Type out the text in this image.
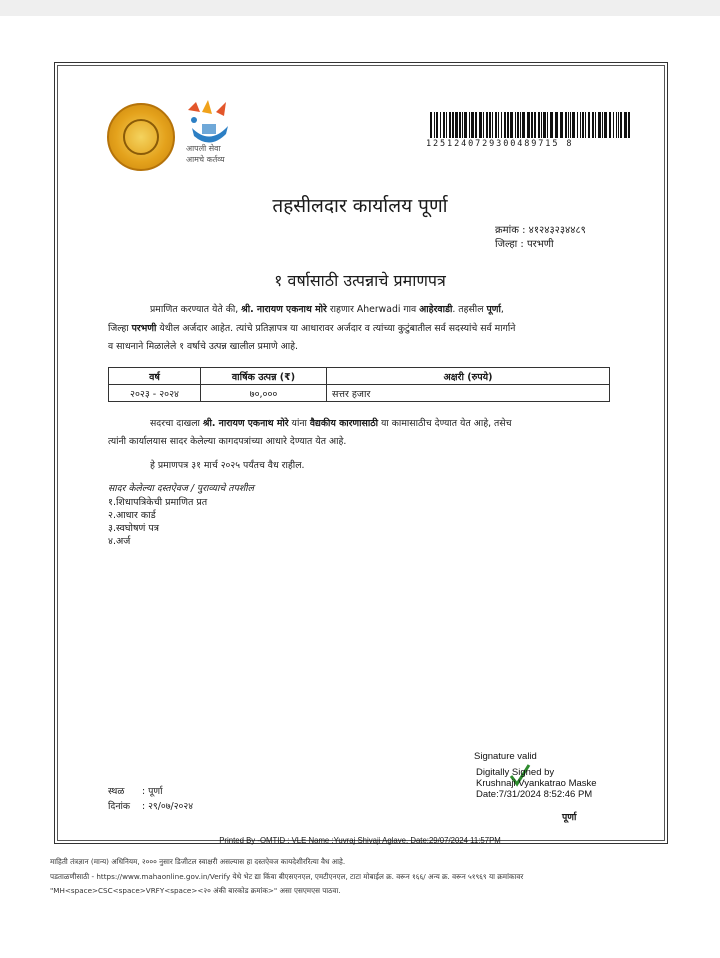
आपली सेवा
आमचे कर्तव्य
1251240729300489715 8
तहसीलदार कार्यालय पूर्णा
क्रमांक : ४१२४३२३४४८९
जिल्हा : परभणी
१ वर्षासाठी उत्पन्नाचे प्रमाणपत्र
प्रमाणित करण्यात येते की, श्री. नारायण एकनाथ मोरे राहणार Aherwadi गाव आहेरवाडी. तहसील पूर्णा,
जिल्हा परभणी येथील अर्जदार आहेत. त्यांचे प्रतिज्ञापत्र या आधारावर अर्जदार व त्यांच्या कुटुंबातील सर्व सदस्यांचे सर्व मार्गाने
व साधनाने मिळालेले १ वर्षाचे उत्पन्न खालील प्रमाणे आहे.
वर्ष	वार्षिक उत्पन्न (₹)	अक्षरी (रुपये)
२०२३ - २०२४	७०,०००	सत्तर हजार
सदरचा दाखला श्री. नारायण एकनाथ मोरे यांना वैद्यकीय कारणासाठी या कामासाठीच देण्यात येत आहे, तसेच
त्यांनी कार्यालयास सादर केलेल्या कागदपत्रांच्या आधारे देण्यात येत आहे.
हे प्रमाणपत्र ३१ मार्च २०२५ पर्यंतच वैध राहील.
सादर केलेल्या दस्तऐवज / पुराव्याचे तपशील
१.शिधापत्रिकेची प्रमाणित प्रत
२.आधार कार्ड
३.स्वघोषणं पत्र
४.अर्ज
Signature valid
Digitally Signed by
Krushnaji Vyankatrao Maske
Date:7/31/2024 8:52:46 PM
पूर्णा
स्थळ : पूर्णा
दिनांक : २९/०७/२०२४
Printed By -OMTID : VLE Name :Yuvraj Shivaji Aglave, Date:29/07/2024 11:57PM
माहिती तंत्रज्ञान (मान्य) अधिनियम, २००० नुसार डिजीटल स्वाक्षरी असल्यास हा दस्तऐवज कायदेशीररित्या वैध आहे.
पडताळणीसाठी - https://www.mahaonline.gov.in/Verify येथे भेट द्या किंवा बीएसएनएल, एमटीएनएल, टाटा मोबाईल क्र. वरून १६६/ अन्य क्र. वरून ५१९६९ या क्रमांकावर
"MH<space>CSC<space>VRFY<space><२० अंकी बारकोड क्रमांक>" असा एसएमएस पाठवा.
